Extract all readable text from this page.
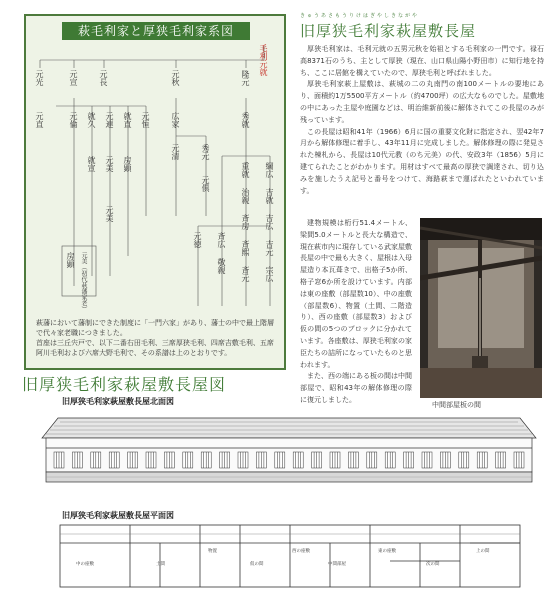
萩毛利家と厚狭毛利家系図
毛利元就
隆元
秀就
綱広
吉就
吉広
吉元
宗広
重就
治親
斉房
斉熙
斉元
斉広
敬親
元徳
元秋
広家
元清	秀元
元倶
元長
元宣
元光
元直	元倫 就久 元連 就直 元恒
就宣 元美 房顕
元美
房顕 元美（初代萩藩家老）

萩藩において藩制にできた制度に「一門六家」があり、藩士の中で最上階層で代々家老職につきました。

首座は三丘宍戸で、以下二番右田毛利、三席厚狭毛利、四席吉敷毛利、五席阿川毛利および六席大野毛利で、その系譜は上のとおりです。

きゅうあさもうりけはぎやしきながや
旧厚狭毛利家萩屋敷長屋

厚狭毛利家は、毛利元就の五男元秋を始祖とする毛利家の一門です。禄石高8371石のうち、主として厚狭（現在、山口県山陽小野田市）に知行地を持ち、ここに居館を構えていたので、厚狭毛利と呼ばれました。

厚狭毛利家萩上屋敷は、萩城の二の丸南門の南100メートルの要地にあり、面積約1万5500平方メートル（約4700坪）の広大なものでした。屋敷地の中にあった主屋や庭園などは、明治維新前後に解体されてこの長屋のみが残っています。

この長屋は昭和41年（1966）6月に国の重要文化財に指定され、翌42年7月から解体修理に着手し、43年11月に完成しました。解体修理の際に発見された棟札から、長屋は10代元教（のち元美）の代、安政3年（1856）5月に建てられたことがわかります。用材はすべて最高の厚狭で調達され、切り込みを施したうえ記号と番号をつけて、海路萩まで運ばれたといわれています。

建物規模は桁行51.4メートル、梁間5.0メートルと長大な構造で、現在萩市内に現存している武家屋敷長屋の中で最も大きく、屋根は入母屋造り本瓦葺きで、出格子5か所、格子窓6か所を設けています。内部は東の座敷（部屋数10）、中の座敷（部屋数6）、物置（土間、二階造り）、西の座敷（部屋数3）および仮の間の5つのブロックに分かれています。各座敷は、厚狭毛利家の家臣たちの詰所になっていたものと思われます。

また、西の端にある板の間は中間部屋で、昭和43年の解体修理の際に復元しました。

中間部屋板の間
旧厚狭毛利家萩屋敷長屋図
旧厚狭毛利家萩屋敷長屋北面図
旧厚狭毛利家萩屋敷長屋平面図
中の座敷	土間
物置
仮の間
西の座敷
中間部屋
東の座敷
次の間
上の間
